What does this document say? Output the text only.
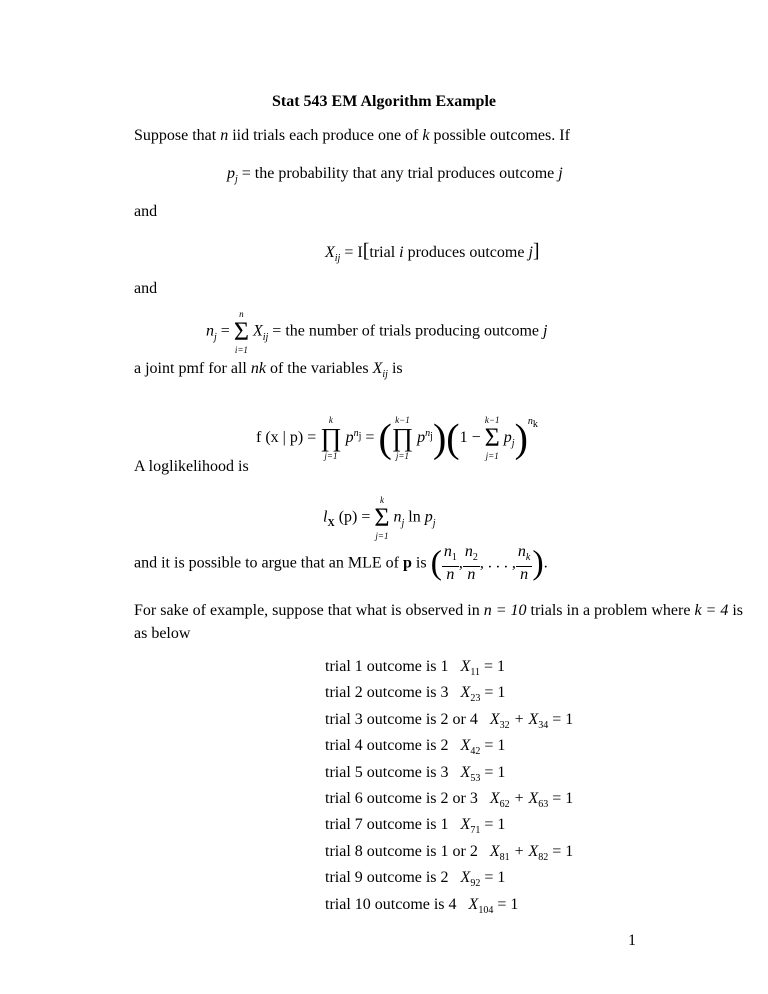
Stat 543 EM Algorithm Example
Suppose that n iid trials each produce one of k possible outcomes. If
$p_j$ = the probability that any trial produces outcome j
and
$X_{ij}$ = I[trial i produces outcome j]
and
$n_j$ =
n
Σ
i=1
$X_{ij}$ = the number of trials producing outcome j
a joint pmf for all nk of the variables $X_{ij}$ is
f (x | p) =
k
∏
j=1
$p^{n_j}$ = ( k−1
∏
j=1
$p^{n_j})(1$ −
k−1
Σ
j=1
$p_j)^{n_k}$
A loglikelihood is
$l_X$ (p) =
k
Σ
j=1
$n_j$ $\ln p_j$
and it is possible to argue that an MLE of p is ( $\frac{n_1}{n}$ , $\frac{n_2}{n}$ , . . . , $\frac{n_k}{n}$ ).
For sake of example, suppose that what is observed in n = 10 trials in a problem where k = 4 is
as below
trial 1 outcome is 1 $X_{11} = 1$
trial 2 outcome is 3 $X_{23} = 1$
trial 3 outcome is 2 or 4 $X_{32} + X_{34} = 1$
trial 4 outcome is 2 $X_{42} = 1$
trial 5 outcome is 3 $X_{53} = 1$
trial 6 outcome is 2 or 3 $X_{62} + X_{63} = 1$
trial 7 outcome is 1 $X_{71} = 1$
trial 8 outcome is 1 or 2 $X_{81} + X_{82} = 1$
trial 9 outcome is 2 $X_{92} = 1$
trial 10 outcome is 4 $X_{104} = 1$
1
